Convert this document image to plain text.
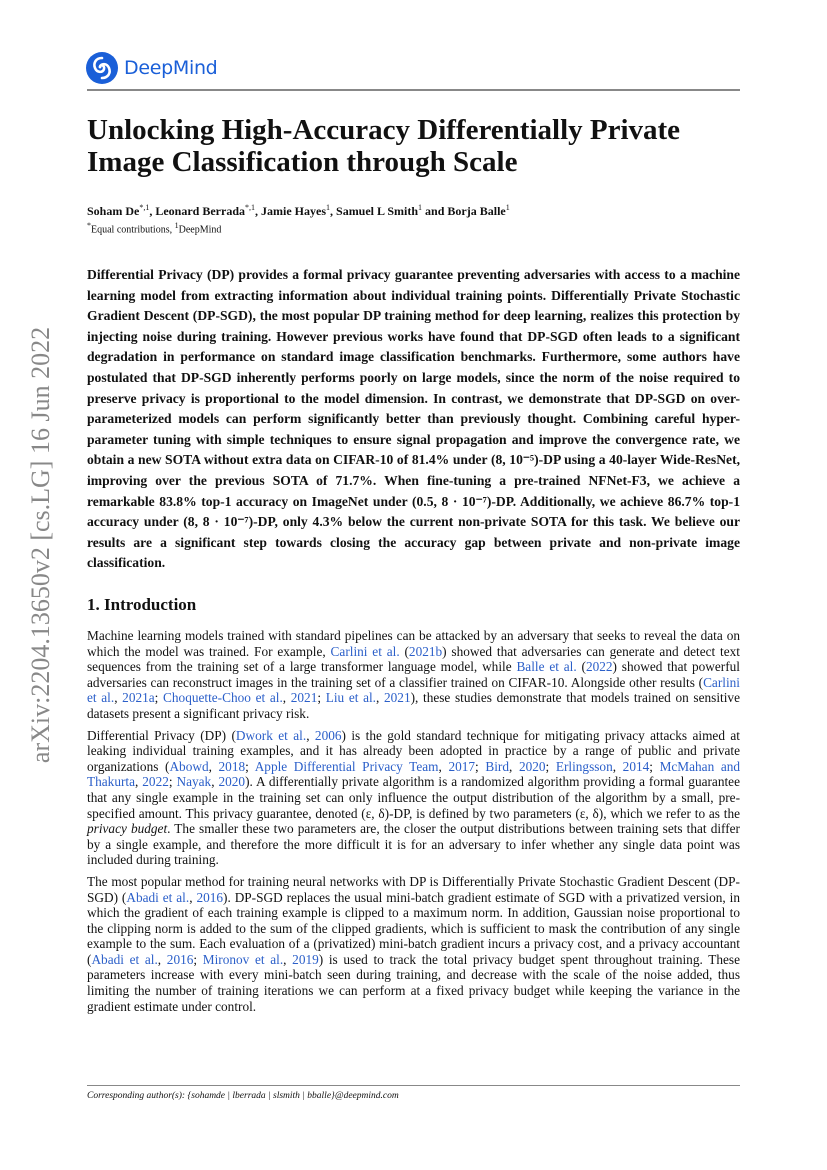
DeepMind
arXiv:2204.13650v2 [cs.LG] 16 Jun 2022
Unlocking High-Accuracy Differentially Private Image Classification through Scale
Soham $De^{*,1}$, Leonard Berrada$^{*,1}$, Jamie Hayes$^1$, Samuel L Smith$^1$ and Borja Balle$^1$
*Equal contributions, $^1$DeepMind

Differential Privacy (DP) provides a formal privacy guarantee preventing adversaries with access to a machine learning model from extracting information about individual training points. Differentially Private Stochastic Gradient Descent (DP-SGD), the most popular DP training method for deep learning, realizes this protection by injecting noise during training. However previous works have found that DP-SGD often leads to a significant degradation in performance on standard image classification benchmarks. Furthermore, some authors have postulated that DP-SGD inherently performs poorly on large models, since the norm of the noise required to preserve privacy is proportional to the model dimension. In contrast, we demonstrate that DP-SGD on over-parameterized models can perform significantly better than previously thought. Combining careful hyper-parameter tuning with simple techniques to ensure signal propagation and improve the convergence rate, we obtain a new SOTA without extra data on CIFAR-10 of 81.4% under (8, 10⁻⁵)-DP using a 40-layer Wide-ResNet, improving over the previous SOTA of 71.7%. When fine-tuning a pre-trained NFNet-F3, we achieve a remarkable 83.8% top-1 accuracy on ImageNet under (0.5, 8 · 10⁻⁷)-DP. Additionally, we achieve 86.7% top-1 accuracy under (8, 8 · 10⁻⁷)-DP, only 4.3% below the current non-private SOTA for this task. We believe our results are a significant step towards closing the accuracy gap between private and non-private image classification.

1. Introduction

Machine learning models trained with standard pipelines can be attacked by an adversary that seeks to reveal the data on which the model was trained. For example, Carlini et al. (2021b) showed that adversaries can generate and detect text sequences from the training set of a large transformer language model, while Balle et al. (2022) showed that powerful adversaries can reconstruct images in the training set of a classifier trained on CIFAR-10. Alongside other results (Carlini et al., 2021a; Choquette-Choo et al., 2021; Liu et al., 2021), these studies demonstrate that models trained on sensitive datasets present a significant privacy risk.

Differential Privacy (DP) (Dwork et al., 2006) is the gold standard technique for mitigating privacy attacks aimed at leaking individual training examples, and it has already been adopted in practice by a range of public and private organizations (Abowd, 2018; Apple Differential Privacy Team, 2017; Bird, 2020; Erlingsson, 2014; McMahan and Thakurta, 2022; Nayak, 2020). A differentially private algorithm is a randomized algorithm providing a formal guarantee that any single example in the training set can only influence the output distribution of the algorithm by a small, pre-specified amount. This privacy guarantee, denoted (ε, δ)-DP, is defined by two parameters (ε, δ), which we refer to as the privacy budget. The smaller these two parameters are, the closer the output distributions between training sets that differ by a single example, and therefore the more difficult it is for an adversary to infer whether any single data point was included during training.

The most popular method for training neural networks with DP is Differentially Private Stochastic Gradient Descent (DP-SGD) (Abadi et al., 2016). DP-SGD replaces the usual mini-batch gradient estimate of SGD with a privatized version, in which the gradient of each training example is clipped to a maximum norm. In addition, Gaussian noise proportional to the clipping norm is added to the sum of the clipped gradients, which is sufficient to mask the contribution of any single example to the sum. Each evaluation of a (privatized) mini-batch gradient incurs a privacy cost, and a privacy accountant (Abadi et al., 2016; Mironov et al., 2019) is used to track the total privacy budget spent throughout training. These parameters increase with every mini-batch seen during training, and decrease with the scale of the noise added, thus limiting the number of training iterations we can perform at a fixed privacy budget while keeping the variance in the gradient estimate under control.

Corresponding author(s): {sohamde | lberrada | slsmith | bballe}@deepmind.com
